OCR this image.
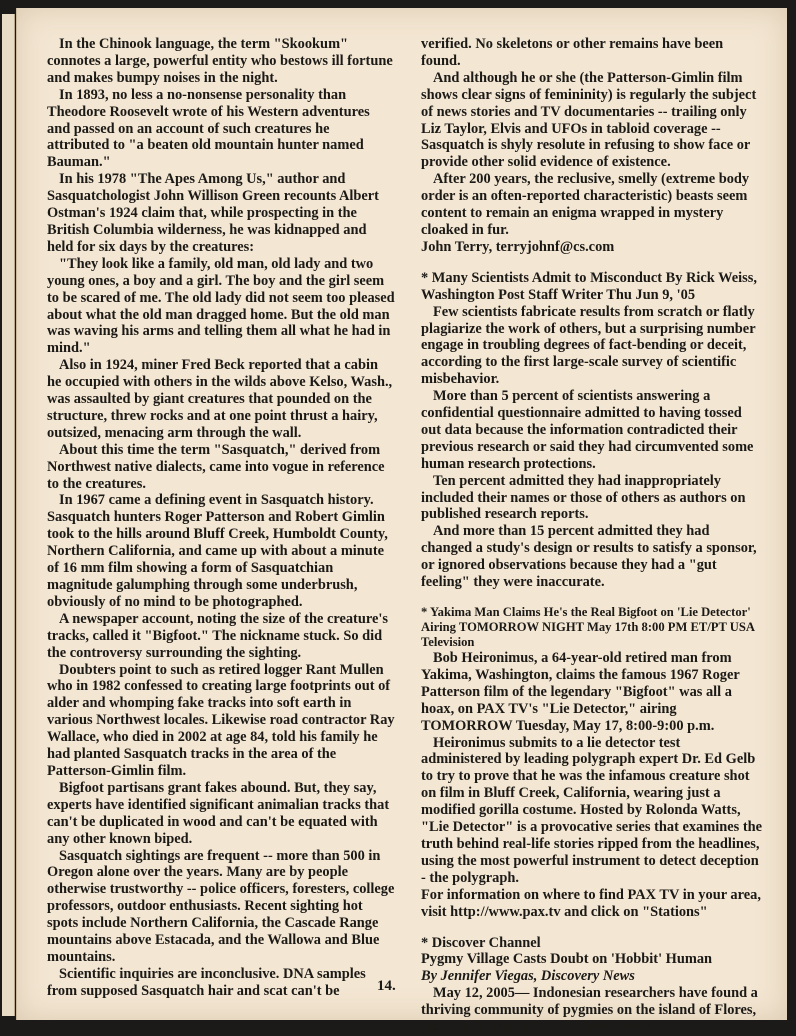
In the Chinook language, the term "Skookum" connotes a large, powerful entity who bestows ill fortune and makes bumpy noises in the night.

In 1893, no less a no-nonsense personality than Theodore Roosevelt wrote of his Western adventures and passed on an account of such creatures he attributed to "a beaten old mountain hunter named Bauman."

In his 1978 "The Apes Among Us," author and Sasquatchologist John Willison Green recounts Albert Ostman's 1924 claim that, while prospecting in the British Columbia wilderness, he was kidnapped and held for six days by the creatures:

"They look like a family, old man, old lady and two young ones, a boy and a girl. The boy and the girl seem to be scared of me. The old lady did not seem too pleased about what the old man dragged home. But the old man was waving his arms and telling them all what he had in mind."

Also in 1924, miner Fred Beck reported that a cabin he occupied with others in the wilds above Kelso, Wash., was assaulted by giant creatures that pounded on the structure, threw rocks and at one point thrust a hairy, outsized, menacing arm through the wall.

About this time the term "Sasquatch," derived from Northwest native dialects, came into vogue in reference to the creatures.

In 1967 came a defining event in Sasquatch history. Sasquatch hunters Roger Patterson and Robert Gimlin took to the hills around Bluff Creek, Humboldt County, Northern California, and came up with about a minute of 16 mm film showing a form of Sasquatchian magnitude galumphing through some underbrush, obviously of no mind to be photographed.

A newspaper account, noting the size of the creature's tracks, called it "Bigfoot." The nickname stuck. So did the controversy surrounding the sighting.

Doubters point to such as retired logger Rant Mullen who in 1982 confessed to creating large footprints out of alder and whomping fake tracks into soft earth in various Northwest locales. Likewise road contractor Ray Wallace, who died in 2002 at age 84, told his family he had planted Sasquatch tracks in the area of the Patterson-Gimlin film.

Bigfoot partisans grant fakes abound. But, they say, experts have identified significant animalian tracks that can't be duplicated in wood and can't be equated with any other known biped.

Sasquatch sightings are frequent -- more than 500 in Oregon alone over the years. Many are by people otherwise trustworthy -- police officers, foresters, college professors, outdoor enthusiasts. Recent sighting hot spots include Northern California, the Cascade Range mountains above Estacada, and the Wallowa and Blue mountains.

Scientific inquiries are inconclusive. DNA samples from supposed Sasquatch hair and scat can't be

verified. No skeletons or other remains have been found.

And although he or she (the Patterson-Gimlin film shows clear signs of femininity) is regularly the subject of news stories and TV documentaries -- trailing only Liz Taylor, Elvis and UFOs in tabloid coverage -- Sasquatch is shyly resolute in refusing to show face or provide other solid evidence of existence.

After 200 years, the reclusive, smelly (extreme body order is an often-reported characteristic) beasts seem content to remain an enigma wrapped in mystery cloaked in fur.

John Terry, terryjohnf@cs.com

* Many Scientists Admit to Misconduct By Rick Weiss, Washington Post Staff Writer Thu Jun 9, '05

Few scientists fabricate results from scratch or flatly plagiarize the work of others, but a surprising number engage in troubling degrees of fact-bending or deceit, according to the first large-scale survey of scientific misbehavior.

More than 5 percent of scientists answering a confidential questionnaire admitted to having tossed out data because the information contradicted their previous research or said they had circumvented some human research protections.

Ten percent admitted they had inappropriately included their names or those of others as authors on published research reports.

And more than 15 percent admitted they had changed a study's design or results to satisfy a sponsor, or ignored observations because they had a "gut feeling" they were inaccurate.

* Yakima Man Claims He's the Real Bigfoot on 'Lie Detector' Airing TOMORROW NIGHT May 17th 8:00 PM ET/PT USA Television

Bob Heironimus, a 64-year-old retired man from Yakima, Washington, claims the famous 1967 Roger Patterson film of the legendary "Bigfoot" was all a hoax, on PAX TV's "Lie Detector," airing TOMORROW Tuesday, May 17, 8:00-9:00 p.m.

Heironimus submits to a lie detector test administered by leading polygraph expert Dr. Ed Gelb to try to prove that he was the infamous creature shot on film in Bluff Creek, California, wearing just a modified gorilla costume. Hosted by Rolonda Watts, "Lie Detector" is a provocative series that examines the truth behind real-life stories ripped from the headlines, using the most powerful instrument to detect deception - the polygraph.

For information on where to find PAX TV in your area, visit http://www.pax.tv and click on "Stations"

* Discover Channel

Pygmy Village Casts Doubt on 'Hobbit' Human

By Jennifer Viegas, Discovery News

May 12, 2005— Indonesian researchers have found a thriving community of pygmies on the island of Flores, just over a half mile away from where

14.
